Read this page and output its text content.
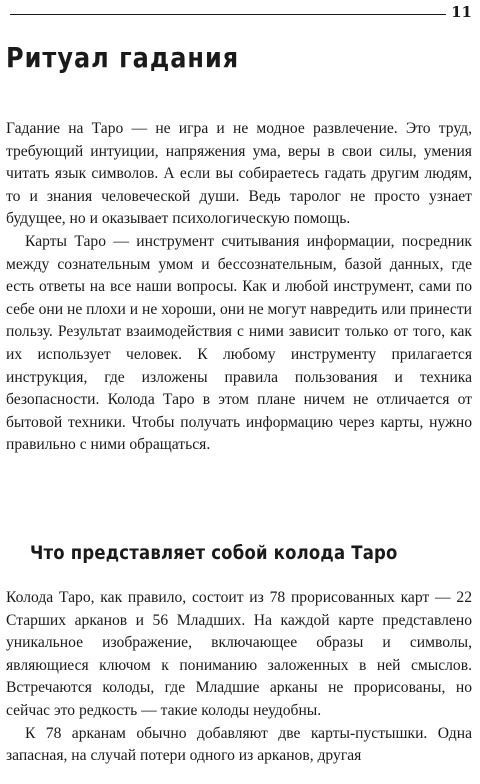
11
Ритуал гадания

Гадание на Таро — не игра и не модное развлечение. Это труд, требующий интуиции, напряжения ума, веры в свои силы, умения читать язык символов. А если вы собираетесь гадать другим людям, то и знания человеческой души. Ведь таролог не просто узнает будущее, но и оказывает психологическую помощь.

Карты Таро — инструмент считывания информации, посредник между сознательным умом и бессознательным, базой данных, где есть ответы на все наши вопросы. Как и любой инструмент, сами по себе они не плохи и не хороши, они не могут навредить или принести пользу. Результат взаимодействия с ними зависит только от того, как их использует человек. К любому инструменту прилагается инструкция, где изложены правила пользования и техника безопасности. Колода Таро в этом плане ничем не отличается от бытовой техники. Чтобы получать информацию через карты, нужно правильно с ними обращаться.

Что представляет собой колода Таро

Колода Таро, как правило, состоит из 78 прорисованных карт — 22 Старших арканов и 56 Младших. На каждой карте представлено уникальное изображение, включающее образы и символы, являющиеся ключом к пониманию заложенных в ней смыслов. Встречаются колоды, где Младшие арканы не прорисованы, но сейчас это редкость — такие колоды неудобны.

К 78 арканам обычно добавляют две карты-пустышки. Одна запасная, на случай потери одного из арканов, другая
